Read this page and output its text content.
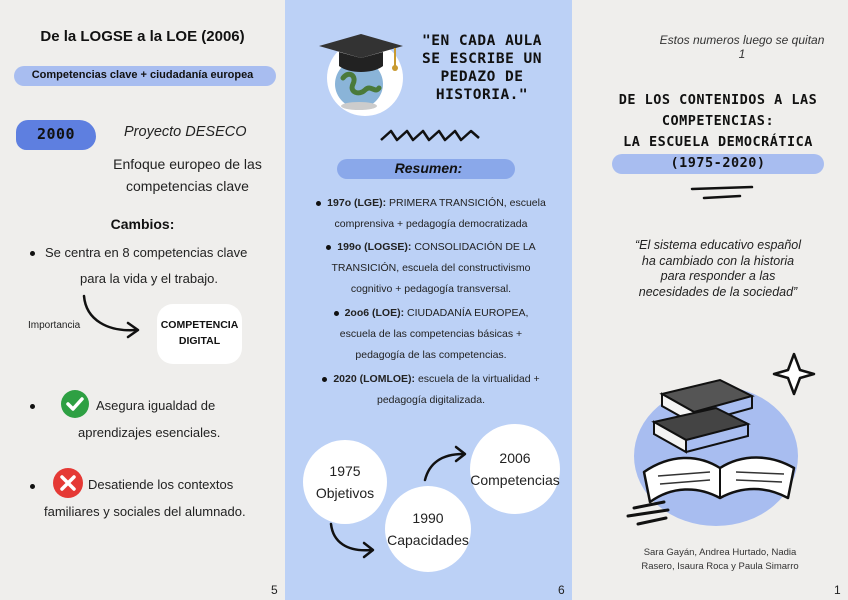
De la LOGSE a la LOE (2006)
Competencias clave + ciudadanía europea
2000	Proyecto DESECO
Enfoque europeo de las
competencias clave
Cambios:
Se centra en 8 competencias clave
para la vida y el trabajo.
Importancia	COMPETENCIA
DIGITAL
Asegura igualdad de
aprendizajes esenciales.
Desatiende los contextos
familiares y sociales del alumnado.
5
"EN CADA AULA
SE ESCRIBE UN
PEDAZO DE
HISTORIA."
Resumen:
197o (LGE): PRIMERA TRANSICIÓN, escuela
comprensiva + pedagogía democratizada
199o (LOGSE): CONSOLIDACIÓN DE LA
TRANSICIÓN, escuela del constructivismo
cognitivo + pedagogía transversal.
2oo6 (LOE): CIUDADANÍA EUROPEA,
escuela de las competencias básicas +
pedagogía de las competencias.
2020 (LOMLOE): escuela de la virtualidad +
pedagogía digitalizada.
1975
Objetivos
2006
Competencias
1990
Capacidades
6
Estos numeros luego se quitan
1
DE LOS CONTENIDOS A LAS
COMPETENCIAS:
LA ESCUELA DEMOCRÁTICA
(1975-2020)
“El sistema educativo español
ha cambiado con la historia
para responder a las
necesidades de la sociedad”
Sara Gayán, Andrea Hurtado, Nadia
Rasero, Isaura Roca y Paula Simarro
1
